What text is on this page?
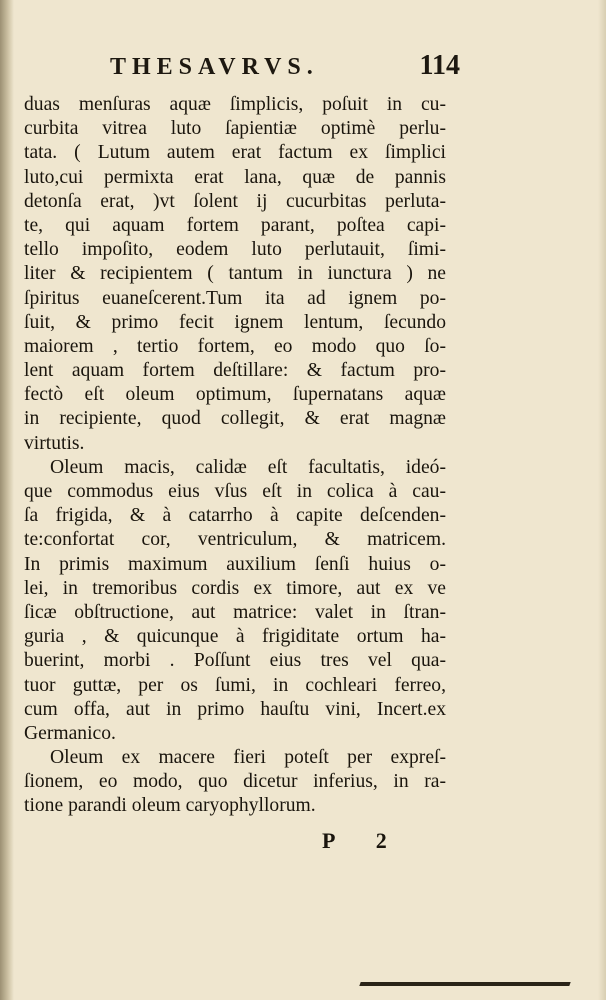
THESAVRVS.	114
duas menſuras aquæ ſimplicis, poſuit in cu-
curbita vitrea luto ſapientiæ optimè perlu-
tata. ( Lutum autem erat factum ex ſimplici
luto,cui permixta erat lana, quæ de pannis
detonſa erat, )vt ſolent ij cucurbitas perluta-
te, qui aquam fortem parant, poſtea capi-
tello impoſito, eodem luto perlutauit, ſimi-
liter & recipientem ( tantum in iunctura ) ne
ſpiritus euaneſcerent.Tum ita ad ignem po-
ſuit, & primo fecit ignem lentum, ſecundo
maiorem , tertio fortem, eo modo quo ſo-
lent aquam fortem deſtillare: & factum pro-
fectò eſt oleum optimum, ſupernatans aquæ
in recipiente, quod collegit, & erat magnæ
virtutis.
Oleum macis, calidæ eſt facultatis, ideó-
que commodus eius vſus eſt in colica à cau-
ſa frigida, & à catarrho à capite deſcenden-
te:confortat cor, ventriculum, & matricem.
In primis maximum auxilium ſenſi huius o-
lei, in tremoribus cordis ex timore, aut ex ve
ſicæ obſtructione, aut matrice: valet in ſtran-
guria , & quicunque à frigiditate ortum ha-
buerint, morbi . Poſſunt eius tres vel qua-
tuor guttæ, per os ſumi, in cochleari ferreo,
cum offa, aut in primo hauſtu vini, Incert.ex
Germanico.
Oleum ex macere fieri poteſt per expreſ-
ſionem, eo modo, quo dicetur inferius, in ra-
tione parandi oleum caryophyllorum.
P 2
